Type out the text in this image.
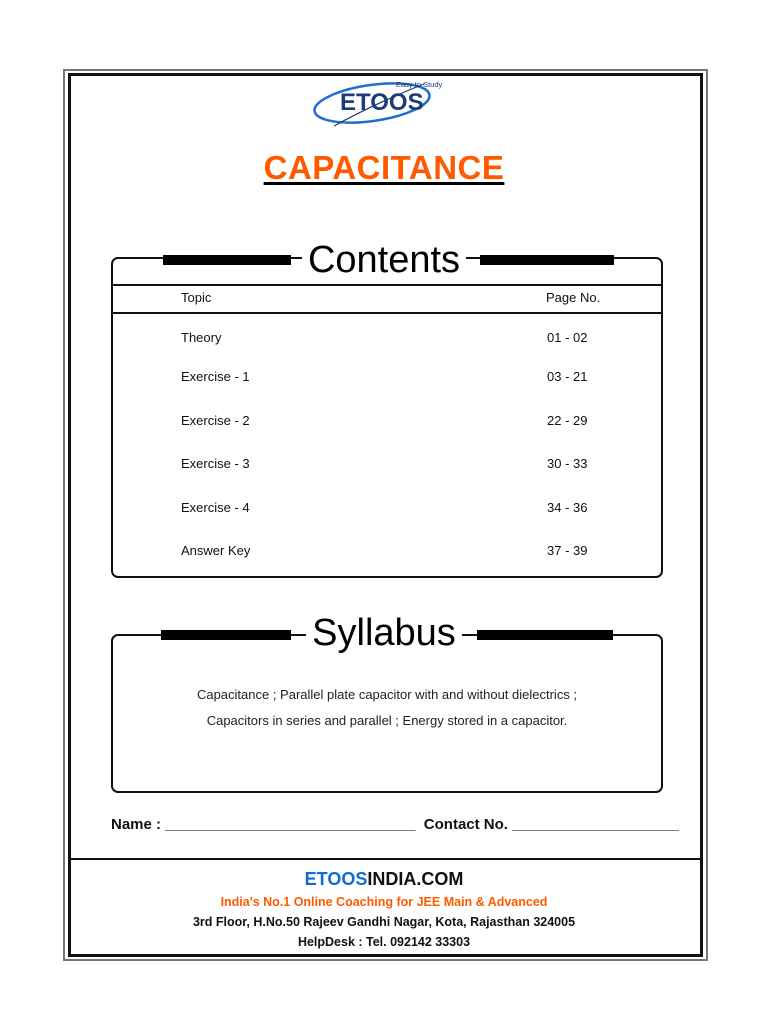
ETOOS
Easy to Study
CAPACITANCE
Contents
Topic	Page No.
Theory	01 - 02
Exercise - 1	03 - 21
Exercise - 2	22 - 29
Exercise - 3	30 - 33
Exercise - 4	34 - 36
Answer Key	37 - 39
Syllabus
Capacitance ; Parallel plate capacitor with and without dielectrics ;
Capacitors in series and parallel ; Energy stored in a capacitor.
Name : ______________________________  Contact No. ____________________
ETOOSINDIA.COM
India's No.1 Online Coaching for JEE Main & Advanced
3rd Floor, H.No.50 Rajeev Gandhi Nagar, Kota, Rajasthan 324005
HelpDesk : Tel. 092142 33303
